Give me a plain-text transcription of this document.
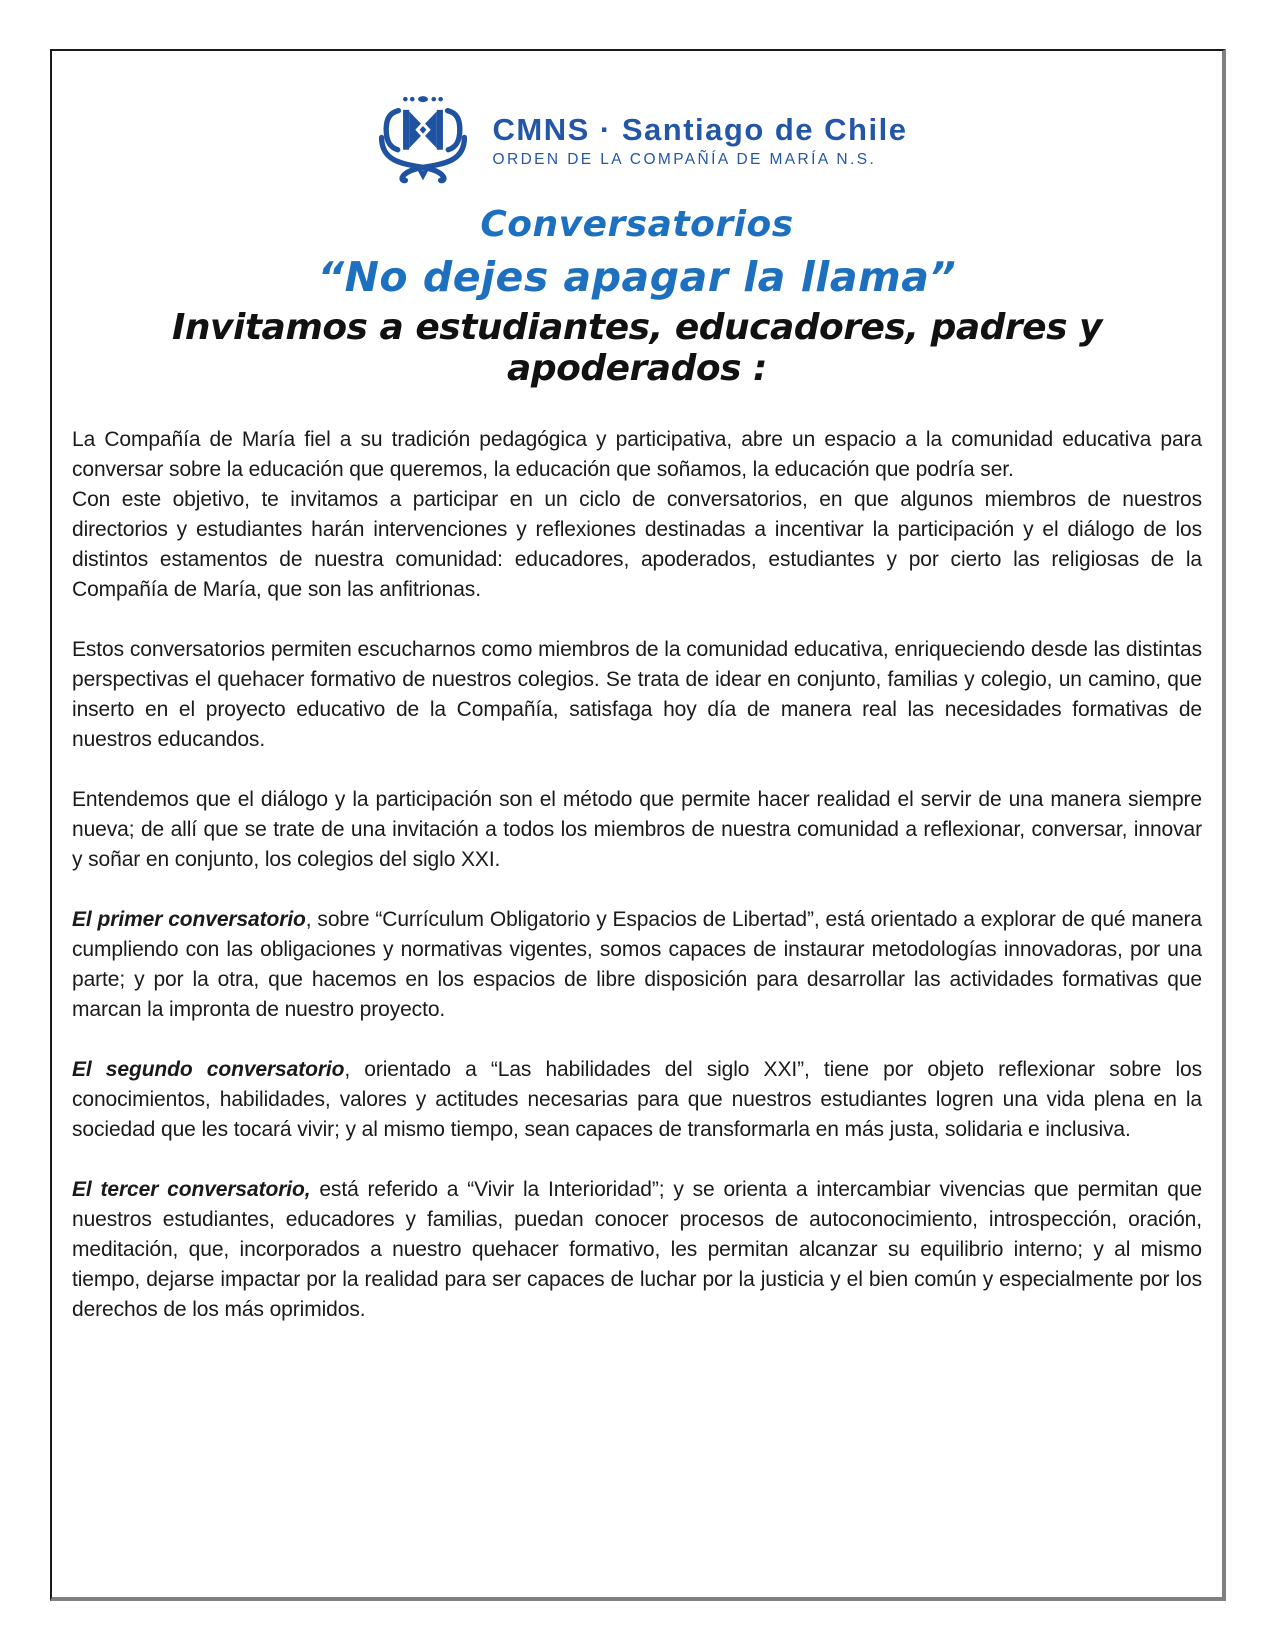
CMNS · Santiago de Chile
ORDEN DE LA COMPAÑÍA DE MARÍA N.S.
Conversatorios
“No dejes apagar la llama”
Invitamos a estudiantes, educadores, padres y apoderados :

La Compañía de María fiel a su tradición pedagógica y participativa, abre un espacio a la comunidad educativa para conversar sobre la educación que queremos, la educación que soñamos, la educación que podría ser.

Con este objetivo, te invitamos a participar en un ciclo de conversatorios, en que algunos miembros de nuestros directorios y estudiantes harán intervenciones y reflexiones destinadas a incentivar la participación y el diálogo de los distintos estamentos de nuestra comunidad: educadores, apoderados, estudiantes y por cierto las religiosas de la Compañía de María, que son las anfitrionas.

Estos conversatorios permiten escucharnos como miembros de la comunidad educativa, enriqueciendo desde las distintas perspectivas el quehacer formativo de nuestros colegios. Se trata de idear en conjunto, familias y colegio, un camino, que inserto en el proyecto educativo de la Compañía, satisfaga hoy día de manera real las necesidades formativas de nuestros educandos.

Entendemos que el diálogo y la participación son el método que permite hacer realidad el servir de una manera siempre nueva; de allí que se trate de una invitación a todos los miembros de nuestra comunidad a reflexionar, conversar, innovar y soñar en conjunto, los colegios del siglo XXI.

El primer conversatorio, sobre “Currículum Obligatorio y Espacios de Libertad”, está orientado a explorar de qué manera cumpliendo con las obligaciones y normativas vigentes, somos capaces de instaurar metodologías innovadoras, por una parte; y por la otra, que hacemos en los espacios de libre disposición para desarrollar las actividades formativas que marcan la impronta de nuestro proyecto.

El segundo conversatorio, orientado a “Las habilidades del siglo XXI”, tiene por objeto reflexionar sobre los conocimientos, habilidades, valores y actitudes necesarias para que nuestros estudiantes logren una vida plena en la sociedad que les tocará vivir; y al mismo tiempo, sean capaces de transformarla en más justa, solidaria e inclusiva.

El tercer conversatorio, está referido a “Vivir la Interioridad”; y se orienta a intercambiar vivencias que permitan que nuestros estudiantes, educadores y familias, puedan conocer procesos de autoconocimiento, introspección, oración, meditación, que, incorporados a nuestro quehacer formativo, les permitan alcanzar su equilibrio interno; y al mismo tiempo, dejarse impactar por la realidad para ser capaces de luchar por la justicia y el bien común y especialmente por los derechos de los más oprimidos.
